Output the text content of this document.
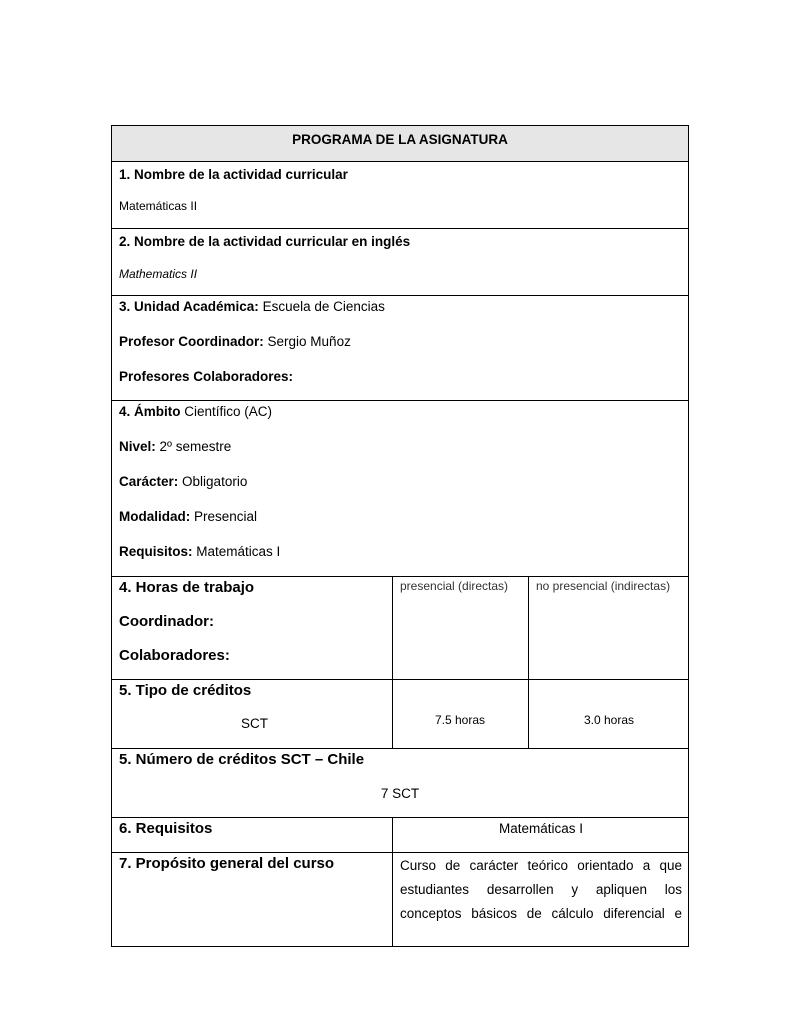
PROGRAMA DE LA ASIGNATURA
1. Nombre de la actividad curricular
Matemáticas II
2. Nombre de la actividad curricular en inglés
Mathematics II
3. Unidad Académica: Escuela de Ciencias
Profesor Coordinador: Sergio Muñoz
Profesores Colaboradores:
4. Ámbito Científico (AC)
Nivel: 2º semestre
Carácter: Obligatorio
Modalidad: Presencial
Requisitos: Matemáticas I
4. Horas de trabajo
Coordinador:
Colaboradores:
presencial (directas) no presencial (indirectas)
5. Tipo de créditos
SCT	7.5 horas	3.0 horas
5. Número de créditos SCT – Chile
7 SCT
6. Requisitos	Matemáticas I
7. Propósito general del curso	Curso de carácter teórico orientado a que
estudiantes desarrollen y apliquen los
conceptos básicos de cálculo diferencial e
